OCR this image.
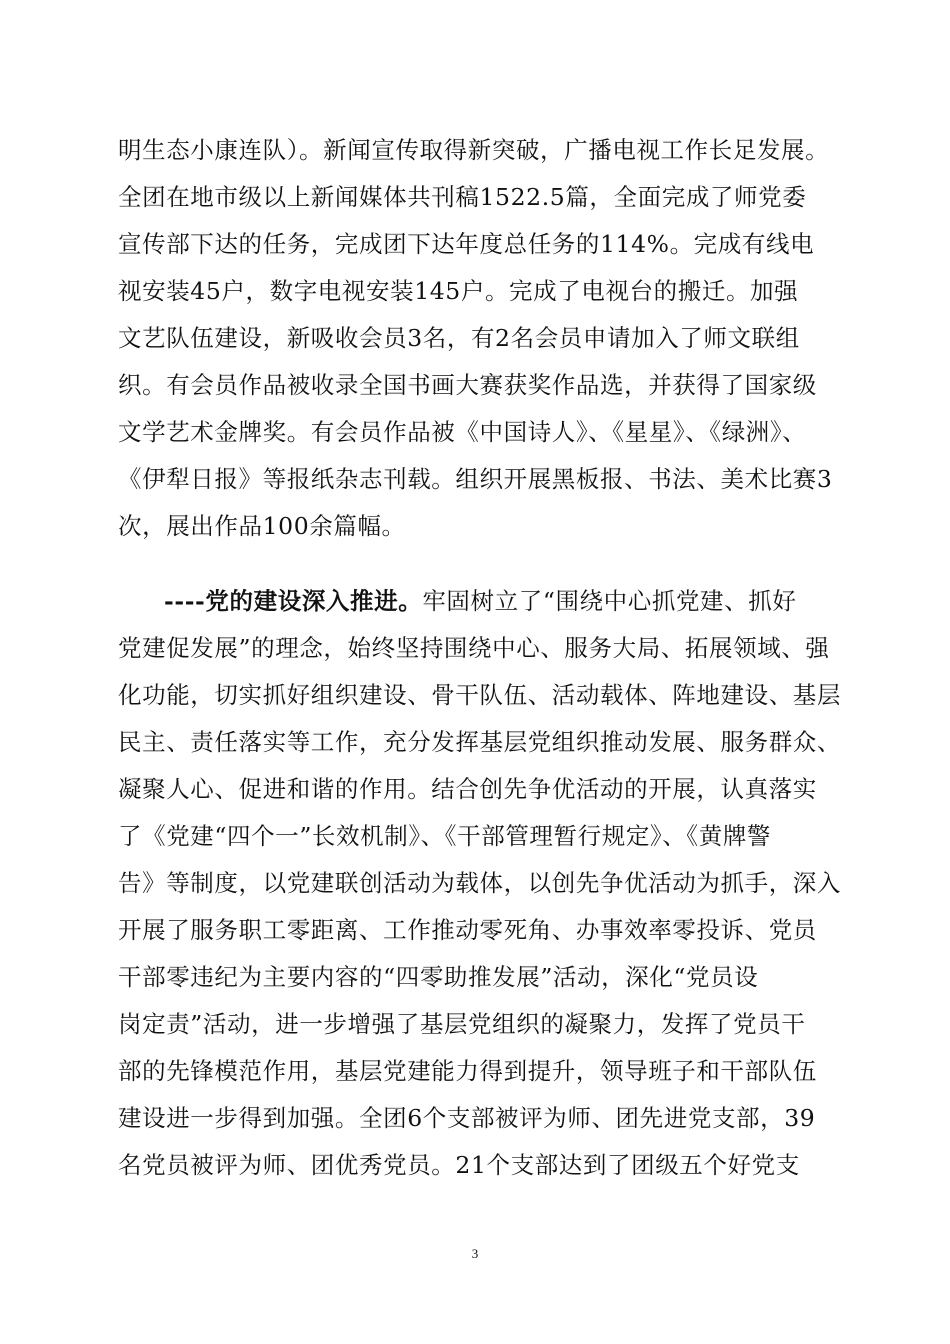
明生态小康连队）。新闻宣传取得新突破，广播电视工作长足发展。
全团在地市级以上新闻媒体共刊稿1522.5篇，全面完成了师党委
宣传部下达的任务，完成团下达年度总任务的114%。完成有线电
视安装45户，数字电视安装145户。完成了电视台的搬迁。加强
文艺队伍建设，新吸收会员3名，有2名会员申请加入了师文联组
织。有会员作品被收录全国书画大赛获奖作品选，并获得了国家级
文学艺术金牌奖。有会员作品被《中国诗人》、《星星》、《绿洲》、
《伊犁日报》等报纸杂志刊载。组织开展黑板报、书法、美术比赛3
次，展出作品100余篇幅。
----党的建设深入推进。牢固树立了“围绕中心抓党建、抓好
党建促发展”的理念，始终坚持围绕中心、服务大局、拓展领域、强
化功能，切实抓好组织建设、骨干队伍、活动载体、阵地建设、基层
民主、责任落实等工作，充分发挥基层党组织推动发展、服务群众、
凝聚人心、促进和谐的作用。结合创先争优活动的开展，认真落实
了《党建“四个一”长效机制》、《干部管理暂行规定》、《黄牌警
告》等制度，以党建联创活动为载体，以创先争优活动为抓手，深入
开展了服务职工零距离、工作推动零死角、办事效率零投诉、党员
干部零违纪为主要内容的“四零助推发展”活动，深化“党员设
岗定责”活动，进一步增强了基层党组织的凝聚力，发挥了党员干
部的先锋模范作用，基层党建能力得到提升，领导班子和干部队伍
建设进一步得到加强。全团6个支部被评为师、团先进党支部，39
名党员被评为师、团优秀党员。21个支部达到了团级五个好党支
3
